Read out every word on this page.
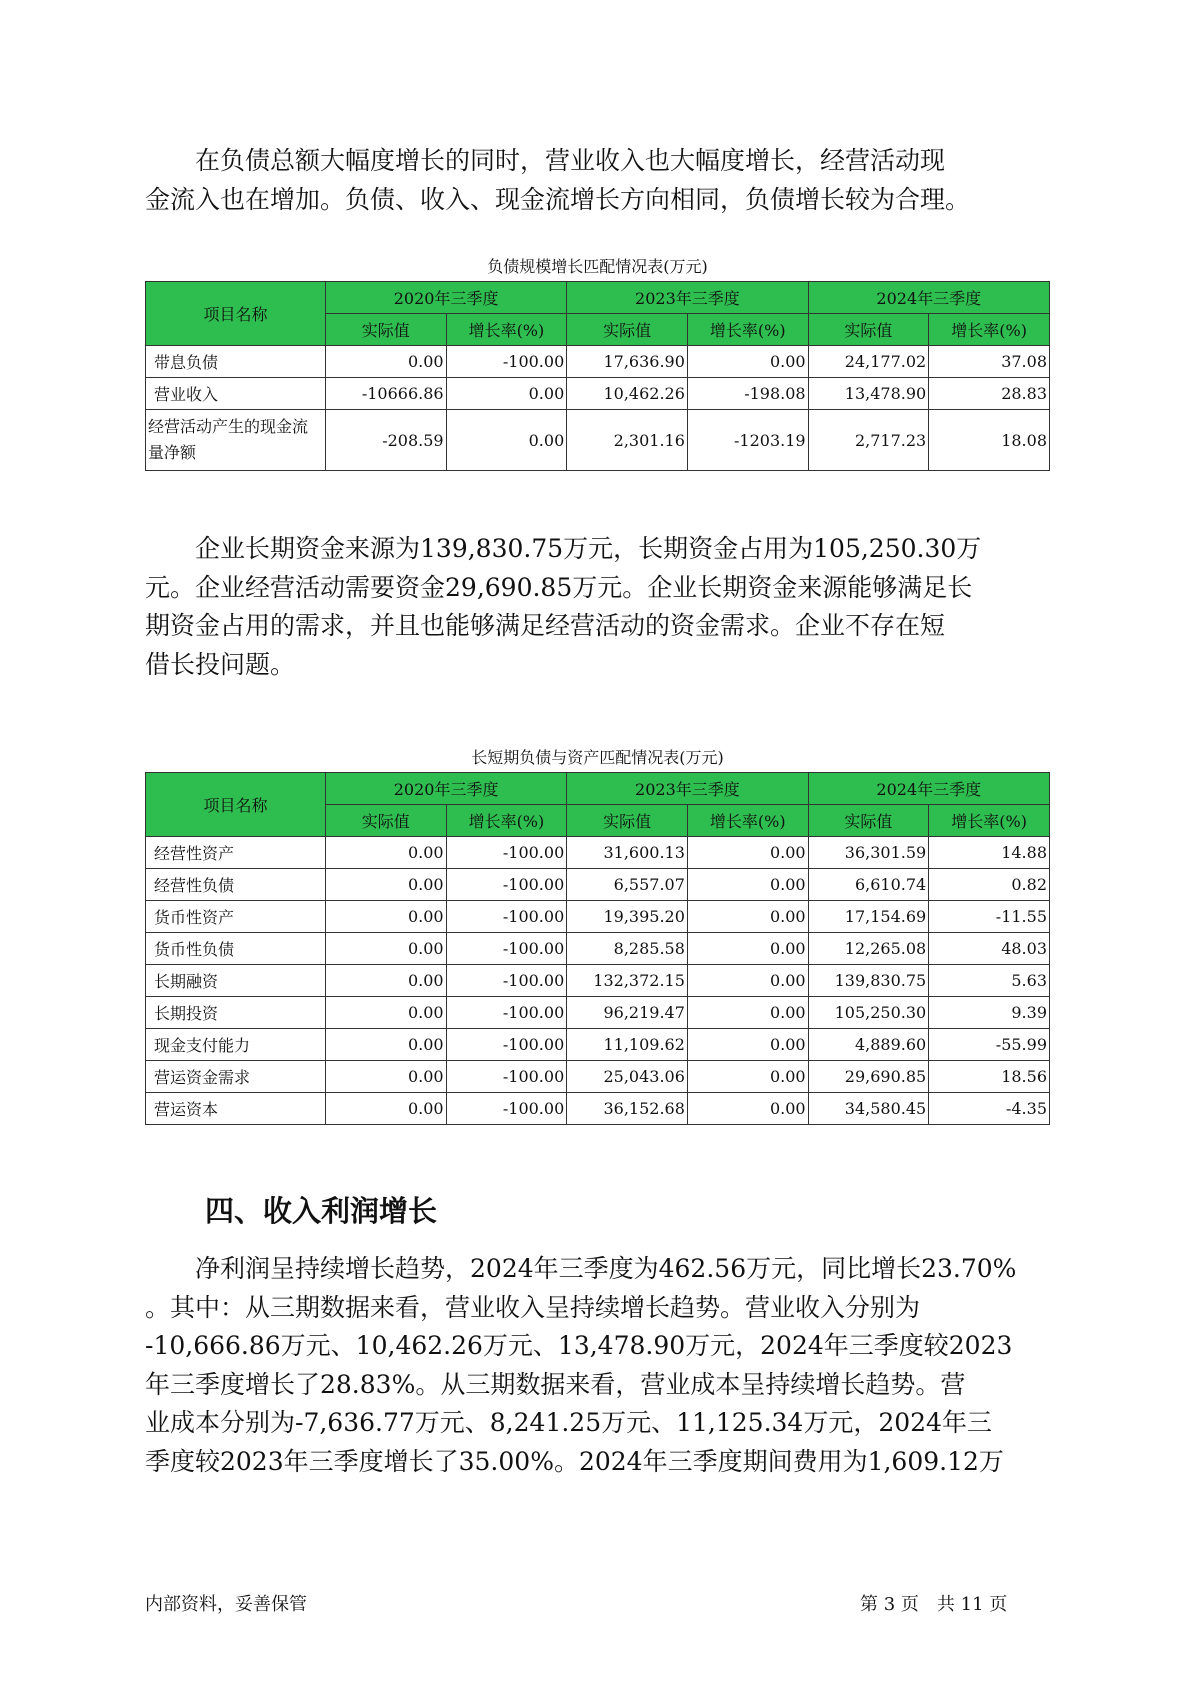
　　在负债总额大幅度增长的同时，营业收入也大幅度增长，经营活动现
金流入也在增加。负债、收入、现金流增长方向相同，负债增长较为合理。
负债规模增长匹配情况表(万元)
项目名称	2020年三季度		2023年三季度		2024年三季度	
	实际值	增长率(%)	实际值	增长率(%)	实际值	增长率(%)
带息负债	0.00	-100.00	17,636.90	0.00	24,177.02	37.08
营业收入	-10666.86	0.00	10,462.26	-198.08	13,478.90	28.83
经营活动产生的现金流量净额	-208.59	0.00	2,301.16	-1203.19	2,717.23	18.08
　　企业长期资金来源为139,830.75万元，长期资金占用为105,250.30万
元。企业经营活动需要资金29,690.85万元。企业长期资金来源能够满足长
期资金占用的需求，并且也能够满足经营活动的资金需求。企业不存在短
借长投问题。
长短期负债与资产匹配情况表(万元)
项目名称	2020年三季度		2023年三季度		2024年三季度	
	实际值	增长率(%)	实际值	增长率(%)	实际值	增长率(%)
经营性资产	0.00	-100.00	31,600.13	0.00	36,301.59	14.88
经营性负债	0.00	-100.00	6,557.07	0.00	6,610.74	0.82
货币性资产	0.00	-100.00	19,395.20	0.00	17,154.69	-11.55
货币性负债	0.00	-100.00	8,285.58	0.00	12,265.08	48.03
长期融资	0.00	-100.00	132,372.15	0.00	139,830.75	5.63
长期投资	0.00	-100.00	96,219.47	0.00	105,250.30	9.39
现金支付能力	0.00	-100.00	11,109.62	0.00	4,889.60	-55.99
营运资金需求	0.00	-100.00	25,043.06	0.00	29,690.85	18.56
营运资本	0.00	-100.00	36,152.68	0.00	34,580.45	-4.35
四、收入利润增长
　　净利润呈持续增长趋势，2024年三季度为462.56万元，同比增长23.70%
。其中：从三期数据来看，营业收入呈持续增长趋势。营业收入分别为
-10,666.86万元、10,462.26万元、13,478.90万元，2024年三季度较2023
年三季度增长了28.83%。从三期数据来看，营业成本呈持续增长趋势。营
业成本分别为-7,636.77万元、8,241.25万元、11,125.34万元，2024年三
季度较2023年三季度增长了35.00%。2024年三季度期间费用为1,609.12万
内部资料，妥善保管	第 3 页　共 11 页
